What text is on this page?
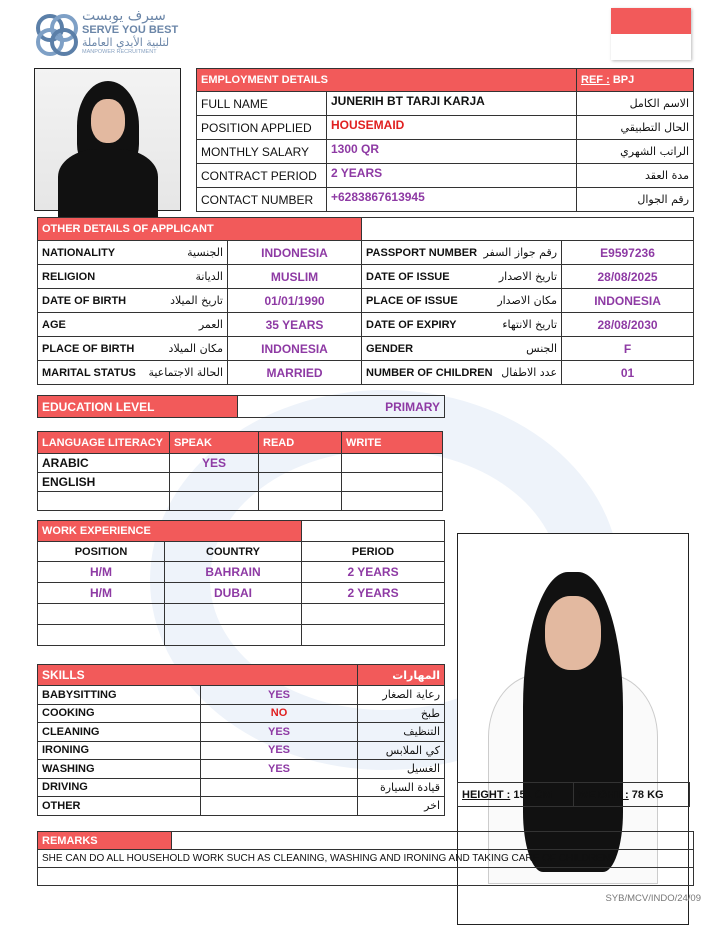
سيرف يوبست
SERVE YOU BEST
لتلبية الأيدي العاملة
MANPOWER RECRUITMENT
EMPLOYMENT DETAILS		REF : BPJ
FULL NAME	JUNERIH BT TARJI KARJA	الاسم الكامل
POSITION APPLIED	HOUSEMAID	الحال التطبيقي
MONTHLY SALARY	1300 QR	الراتب الشهري
CONTRACT PERIOD	2 YEARS	مدة العقد
CONTACT NUMBER	+6283867613945	رقم الجوال
OTHER DETAILS OF APPLICANT					
NATIONALITY	الجنسية	INDONESIA	PASSPORT NUMBER	رقم جواز السفر	E9597236
RELIGION	الديانة	MUSLIM	DATE OF ISSUE	تاريخ الاصدار	28/08/2025
DATE OF BIRTH	تاريخ الميلاد	01/01/1990	PLACE OF ISSUE	مكان الاصدار	INDONESIA
AGE	العمر	35 YEARS	DATE OF EXPIRY	تاريخ الانتهاء	28/08/2030
PLACE OF BIRTH	مكان الميلاد	INDONESIA	GENDER	الجنس	F
MARITAL STATUS	الحالة الاجتماعية	MARRIED	NUMBER OF CHILDREN	عدد الاطفال	01
EDUCATION LEVEL	PRIMARY
LANGUAGE LITERACY	SPEAK	READ	WRITE
ARABIC	YES		
ENGLISH			

WORK EXPERIENCE		
POSITION	COUNTRY	PERIOD
H/M	BAHRAIN	2 YEARS
H/M	DUBAI	2 YEARS

SKILLS		المهارات
BABYSITTING	YES	رعاية الصغار
COOKING	NO	طبخ
CLEANING	YES	التنظيف
IRONING	YES	كي الملابس
WASHING	YES	الغسيل
DRIVING		قيادة السيارة
OTHER		اخر
HEIGHT : 151 CM	WEIGHT : 78 KG
REMARKS	
SHE CAN DO ALL HOUSEHOLD WORK SUCH AS CLEANING, WASHING AND IRONING AND TAKING CARE OF CHILDREN.

SYB/MCV/INDO/24/09
